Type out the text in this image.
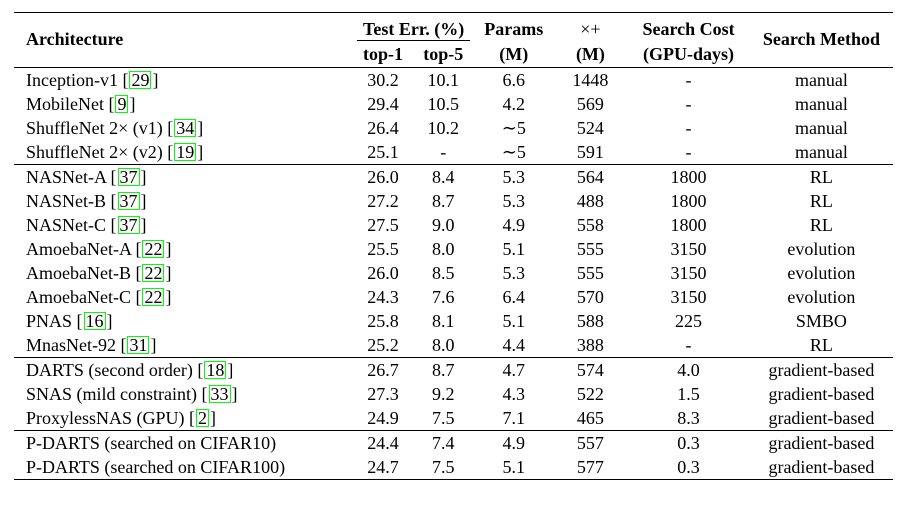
Architecture	Test Err. (%)		Params	×+	Search Cost	Search Method
	top-1	top-5	(M)	(M)	(GPU-days)	
Inception-v1 [ 29 ]	30.2	10.1	6.6	1448	-	manual
MobileNet [ 9 ]	29.4	10.5	4.2	569	-	manual
ShuffleNet 2× (v1) [ 34 ]	26.4	10.2	∼5	524	-	manual
ShuffleNet 2× (v2) [ 19 ]	25.1	-	∼5	591	-	manual
NASNet-A [ 37 ]	26.0	8.4	5.3	564	1800	RL
NASNet-B [ 37 ]	27.2	8.7	5.3	488	1800	RL
NASNet-C [ 37 ]	27.5	9.0	4.9	558	1800	RL
AmoebaNet-A [ 22 ]	25.5	8.0	5.1	555	3150	evolution
AmoebaNet-B [ 22 ]	26.0	8.5	5.3	555	3150	evolution
AmoebaNet-C [ 22 ]	24.3	7.6	6.4	570	3150	evolution
PNAS [ 16 ]	25.8	8.1	5.1	588	225	SMBO
MnasNet-92 [ 31 ]	25.2	8.0	4.4	388	-	RL
DARTS (second order) [ 18 ]	26.7	8.7	4.7	574	4.0	gradient-based
SNAS (mild constraint) [ 33 ]	27.3	9.2	4.3	522	1.5	gradient-based
ProxylessNAS (GPU) [ 2 ]	24.9	7.5	7.1	465	8.3	gradient-based
P-DARTS (searched on CIFAR10)	24.4	7.4	4.9	557	0.3	gradient-based
P-DARTS (searched on CIFAR100)	24.7	7.5	5.1	577	0.3	gradient-based
